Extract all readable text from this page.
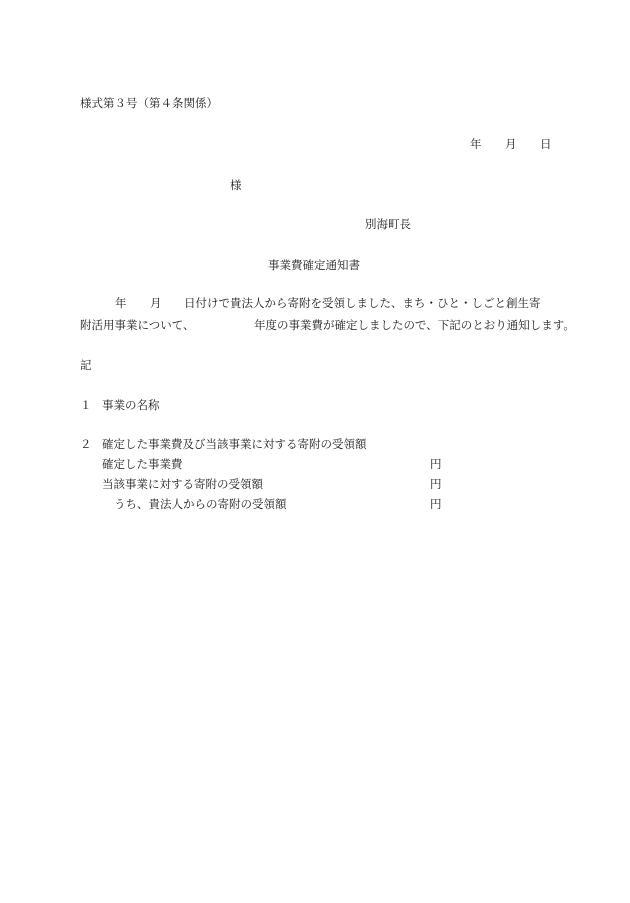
様式第３号（第４条関係）
年 月 日
様
別海町長
事業費確定通知書
年 月 日付けで貴法人から寄附を受領しました、まち・ひと・しごと創生寄
附活用事業について、	年度の事業費が確定しましたので、下記のとおり通知します。
記
１ 事業の名称
２ 確定した事業費及び当該事業に対する寄附の受領額
確定した事業費	円
当該事業に対する寄附の受領額	円
うち、貴法人からの寄附の受領額	円
